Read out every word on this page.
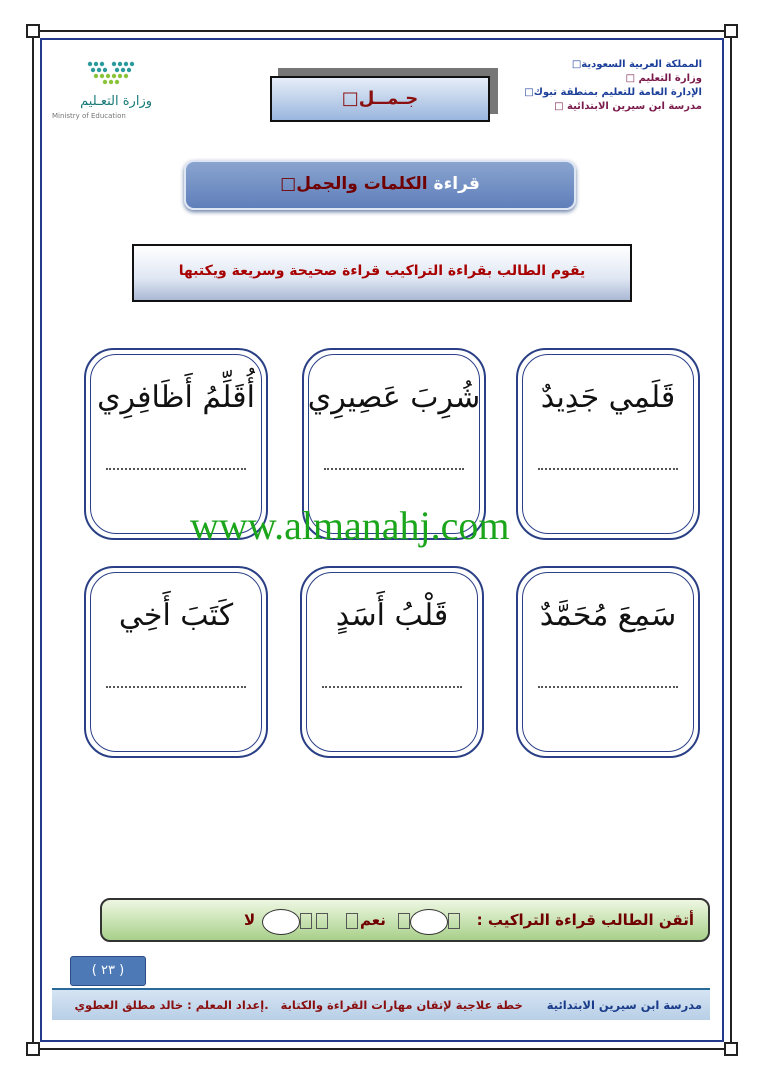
المملكة العربية السعودية□
وزارة التعليم □
الإدارة العامة للتعليم بمنطقة تبوك□
مدرسة ابن سيرين الابتدائية □
وزارة التعـليم
Ministry of Education
جـمــل□
قراءة الكلمات والجمل□
يقوم الطالب بقراءة التراكيب قراءة صحيحة وسريعة ويكتبها
قَلَمِي جَدِيدٌ
شُرِبَ عَصِيرِي
أُقَلِّمُ أَظَافِرِي
سَمِعَ مُحَمَّدٌ
قَلْبُ أَسَدٍ
كَتَبَ أَخِي
www.almanahj.com
أتقن الطالب قراءة التراكيب :
نعم
لا
( ٢٣ )
مدرسة ابن سيرين الابتدائية      خطة علاجية لإتقان مهارات القراءة والكتابة   .إعداد المعلم : خالد مطلق العطوي
